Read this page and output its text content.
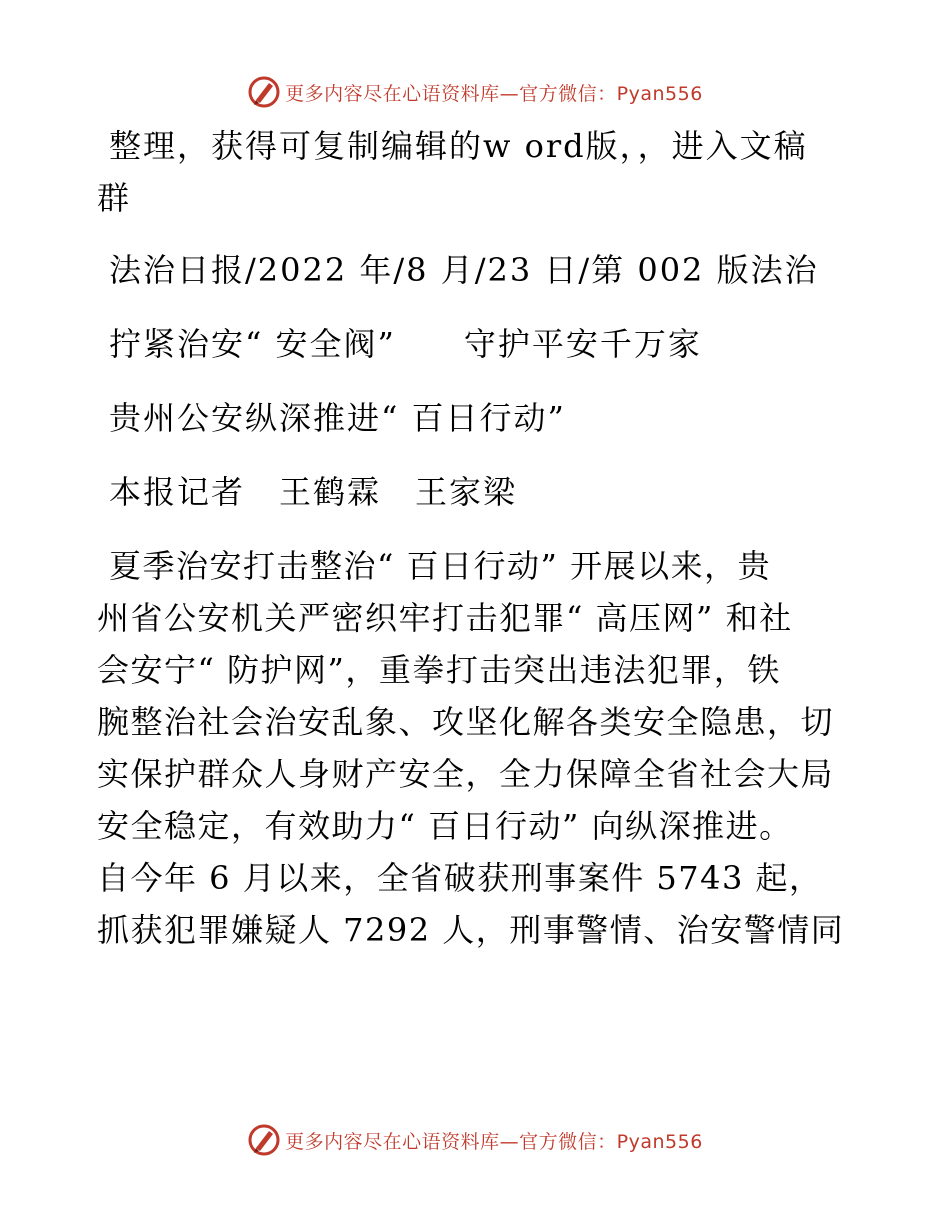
更多内容尽在心语资料库—官方微信：Pyan556
整理，获得可复制编辑的w ord版，，进入文稿
群
法治日报/2022 年/8 月/23 日/第 002 版法治
拧紧治安“ 安全阀”　　守护平安千万家
贵州公安纵深推进“ 百日行动”
本报记者　王鹤霖　王家梁
夏季治安打击整治“ 百日行动” 开展以来，贵
州省公安机关严密织牢打击犯罪“ 高压网” 和社
会安宁“ 防护网”，重拳打击突出违法犯罪，铁
腕整治社会治安乱象、攻坚化解各类安全隐患，切
实保护群众人身财产安全，全力保障全省社会大局
安全稳定，有效助力“ 百日行动” 向纵深推进。
自今年 6 月以来，全省破获刑事案件 5743 起，
抓获犯罪嫌疑人 7292 人，刑事警情、治安警情同
更多内容尽在心语资料库—官方微信：Pyan556
